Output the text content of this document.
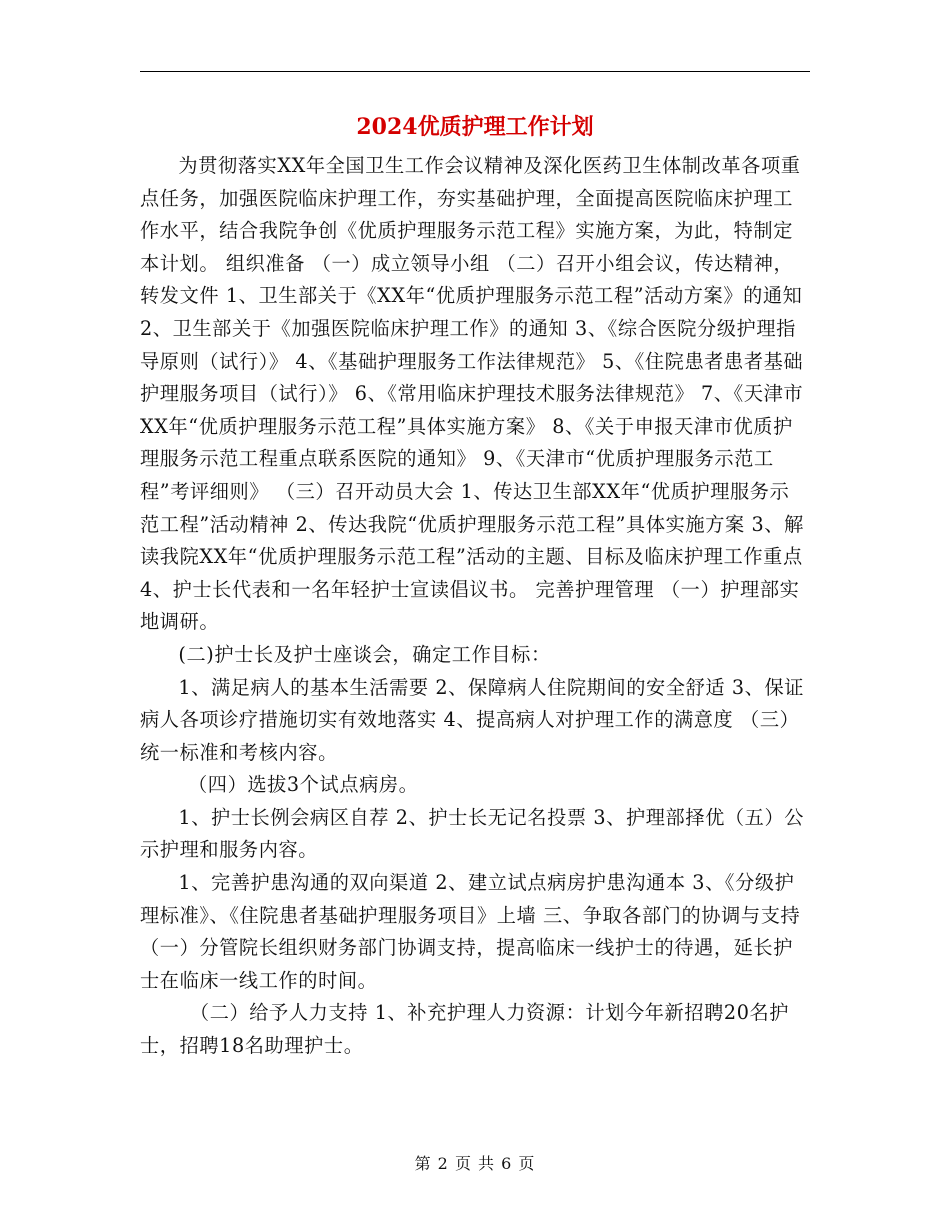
2024优质护理工作计划

为贯彻落实XX年全国卫生工作会议精神及深化医药卫生体制改革各项重点任务，加强医院临床护理工作，夯实基础护理，全面提高医院临床护理工作水平，结合我院争创《优质护理服务示范工程》实施方案，为此，特制定本计划。 组织准备 （一）成立领导小组 （二）召开小组会议，传达精神，转发文件 1、卫生部关于《XX年“优质护理服务示范工程”活动方案》的通知 2、卫生部关于《加强医院临床护理工作》的通知 3、《综合医院分级护理指导原则（试行）》 4、《基础护理服务工作法律规范》 5、《住院患者患者基础护理服务项目（试行）》 6、《常用临床护理技术服务法律规范》 7、《天津市XX年“优质护理服务示范工程”具体实施方案》 8、《关于申报天津市优质护理服务示范工程重点联系医院的通知》 9、《天津市“优质护理服务示范工程”考评细则》 （三）召开动员大会 1、传达卫生部XX年“优质护理服务示范工程”活动精神 2、传达我院“优质护理服务示范工程”具体实施方案 3、解读我院XX年“优质护理服务示范工程”活动的主题、目标及临床护理工作重点 4、护士长代表和一名年轻护士宣读倡议书。 完善护理管理 （一）护理部实地调研。

(二)护士长及护士座谈会，确定工作目标：

1、满足病人的基本生活需要 2、保障病人住院期间的安全舒适 3、保证病人各项诊疗措施切实有效地落实 4、提高病人对护理工作的满意度 （三）统一标准和考核内容。

（四）选拔3个试点病房。

1、护士长例会病区自荐 2、护士长无记名投票 3、护理部择优（五）公示护理和服务内容。

1、完善护患沟通的双向渠道 2、建立试点病房护患沟通本 3、《分级护理标准》、《住院患者基础护理服务项目》上墙 三、争取各部门的协调与支持 （一）分管院长组织财务部门协调支持，提高临床一线护士的待遇，延长护士在临床一线工作的时间。

（二）给予人力支持 1、补充护理人力资源：计划今年新招聘20名护士，招聘18名助理护士。

第 2 页 共 6 页
